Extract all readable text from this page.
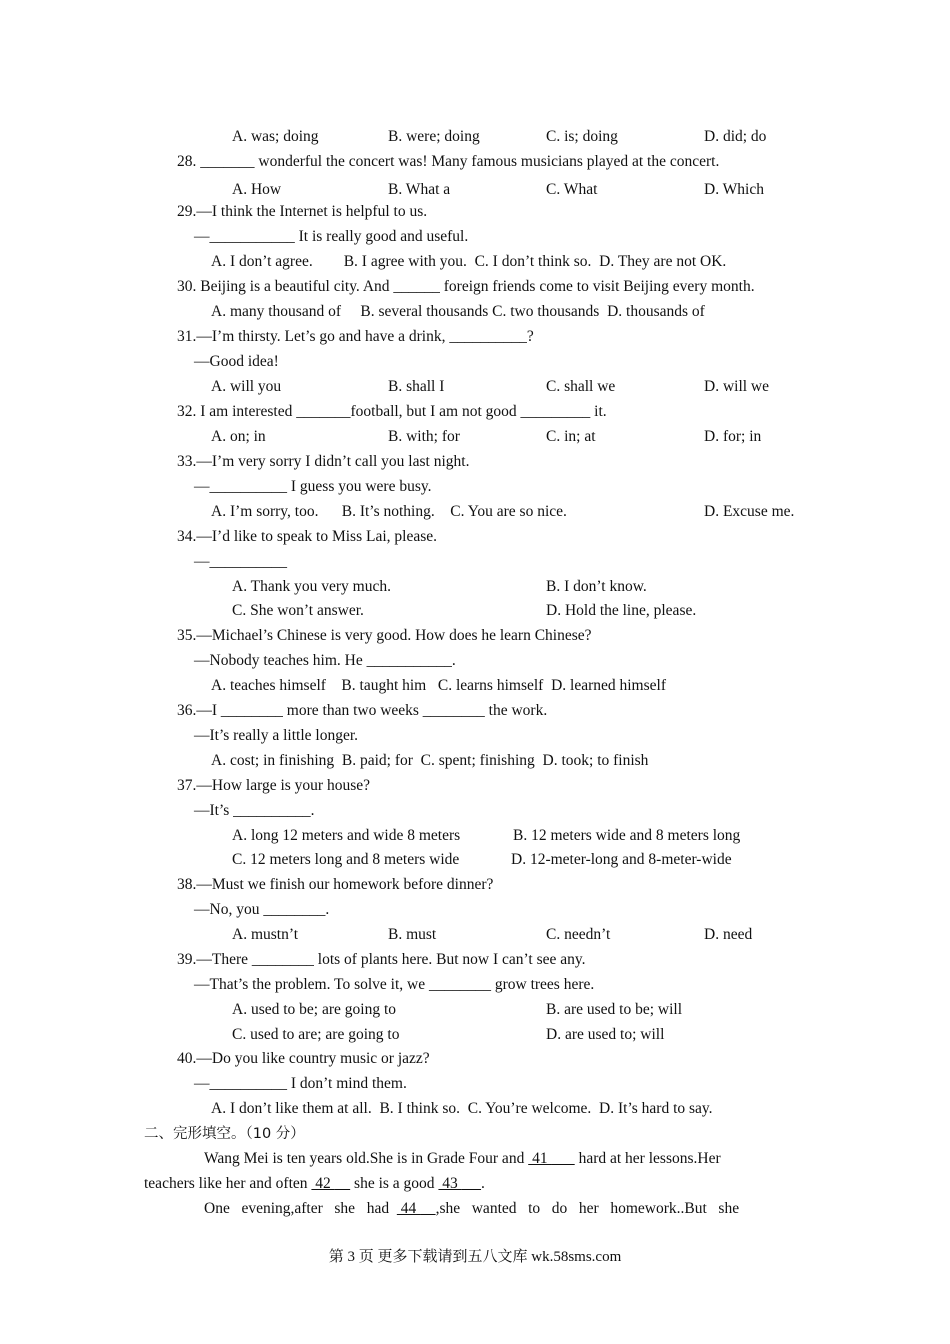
A. was; doing	B. were; doing	C. is; doing	D. did; do
28. _______ wonderful the concert was! Many famous musicians played at the concert.
A. How	B. What a	C. What	D. Which
29.—I think the Internet is helpful to us.
—___________ It is really good and useful.
A. I don’t agree.        B. I agree with you.  C. I don’t think so.  D. They are not OK.
30. Beijing is a beautiful city. And ______ foreign friends come to visit Beijing every month.
A. many thousand of     B. several thousands C. two thousands  D. thousands of
31.—I’m thirsty. Let’s go and have a drink, __________?
—Good idea!
A. will you	B. shall I	C. shall we	D. will we
32. I am interested _______football, but I am not good _________ it.
A. on; in	B. with; for	C. in; at	D. for; in
33.—I’m very sorry I didn’t call you last night.
—__________ I guess you were busy.
A. I’m sorry, too.      B. It’s nothing.    C. You are so nice.	D. Excuse me.
34.—I’d like to speak to Miss Lai, please.
—__________
A. Thank you very much.	B. I don’t know.
C. She won’t answer.	D. Hold the line, please.
35.—Michael’s Chinese is very good. How does he learn Chinese?
—Nobody teaches him. He ___________.
A. teaches himself    B. taught him   C. learns himself  D. learned himself
36.—I ________ more than two weeks ________ the work.
—It’s really a little longer.
A. cost; in finishing  B. paid; for  C. spent; finishing  D. took; to finish
37.—How large is your house?
—It’s __________.
A. long 12 meters and wide 8 meters	B. 12 meters wide and 8 meters long
C. 12 meters long and 8 meters wide	D. 12-meter-long and 8-meter-wide
38.—Must we finish our homework before dinner?
—No, you ________.
A. mustn’t	B. must	C. needn’t	D. need
39.—There ________ lots of plants here. But now I can’t see any.
—That’s the problem. To solve it, we ________ grow trees here.
A. used to be; are going to	B. are used to be; will
C. used to are; are going to	D. are used to; will
40.—Do you like country music or jazz?
—__________ I don’t mind them.
A. I don’t like them at all.  B. I think so.  C. You’re welcome.  D. It’s hard to say.
二、完形填空。（10 分）
Wang Mei is ten years old.She is in Grade Four and  41        hard at her lessons.Her
teachers like her and often  42      she is a good  43      .
One   evening,after   she   had   44     ,she   wanted   to   do   her   homework..But   she
第 3 页 更多下载请到五八文库 wk.58sms.com
